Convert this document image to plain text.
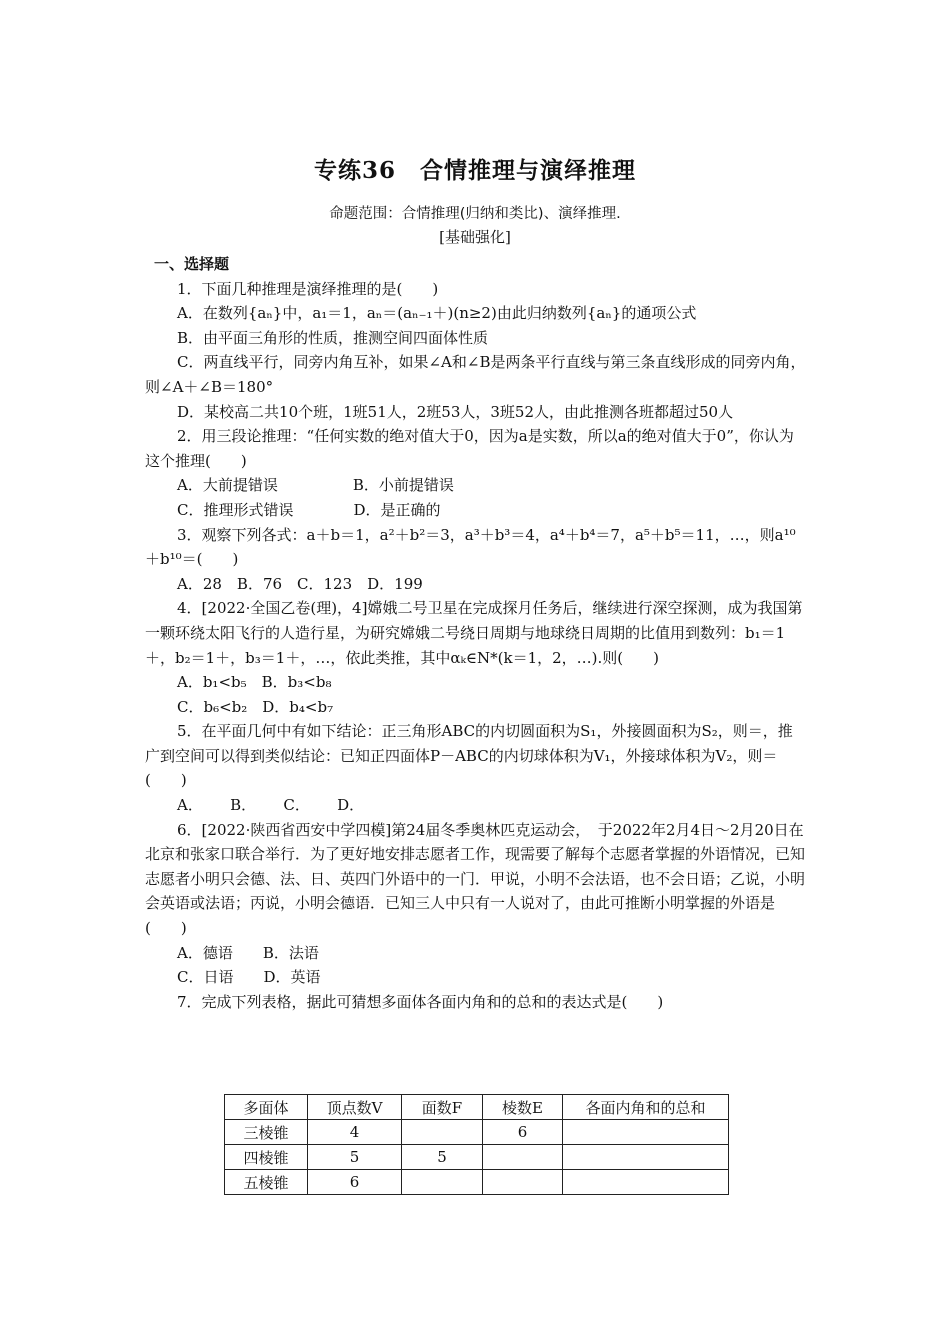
专练36　合情推理与演绎推理
命题范围：合情推理(归纳和类比)、演绎推理.
[基础强化]
一、选择题
1．下面几种推理是演绎推理的是(　　)
A．在数列{aₙ}中，a₁＝1，aₙ＝(aₙ₋₁＋)(n≥2)由此归纳数列{aₙ}的通项公式
B．由平面三角形的性质，推测空间四面体性质
C．两直线平行，同旁内角互补，如果∠A和∠B是两条平行直线与第三条直线形成的同旁内角，则∠A＋∠B＝180°
D．某校高二共10个班，1班51人，2班53人，3班52人，由此推测各班都超过50人
2．用三段论推理：“任何实数的绝对值大于0，因为a是实数，所以a的绝对值大于0”，你认为这个推理(　　)
A．大前提错误　　　　　B．小前提错误
C．推理形式错误　　　　D．是正确的
3．观察下列各式：a＋b＝1，a²＋b²＝3，a³＋b³＝4，a⁴＋b⁴＝7，a⁵＋b⁵＝11，…，则a¹⁰＋b¹⁰＝(　　)
A．28　B．76　C．123　D．199
4．[2022·全国乙卷(理)，4]嫦娥二号卫星在完成探月任务后，继续进行深空探测，成为我国第一颗环绕太阳飞行的人造行星，为研究嫦娥二号绕日周期与地球绕日周期的比值用到数列：b₁＝1＋，b₂＝1＋，b₃＝1＋，…，依此类推，其中αₖ∈N*(k＝1，2，…).则(　　)
A．b₁<b₅　B．b₃<b₈
C．b₆<b₂　D．b₄<b₇
5．在平面几何中有如下结论：正三角形ABC的内切圆面积为S₁，外接圆面积为S₂，则＝，推广到空间可以得到类似结论：已知正四面体P－ABC的内切球体积为V₁，外接球体积为V₂，则＝(　　)
A．　　 B．　　 C．　　 D．
6．[2022·陕西省西安中学四模]第24届冬季奥林匹克运动会，　于2022年2月4日～2月20日在北京和张家口联合举行．为了更好地安排志愿者工作，现需要了解每个志愿者掌握的外语情况，已知志愿者小明只会德、法、日、英四门外语中的一门．甲说，小明不会法语，也不会日语；乙说，小明会英语或法语；丙说，小明会德语．已知三人中只有一人说对了，由此可推断小明掌握的外语是(　　)
A．德语　　B．法语
C．日语　　D．英语
7．完成下列表格，据此可猜想多面体各面内角和的总和的表达式是(　　)
多面体	顶点数V	面数F	棱数E	各面内角和的总和
三棱锥	4		6	
四棱锥	5	5		
五棱锥	6			
